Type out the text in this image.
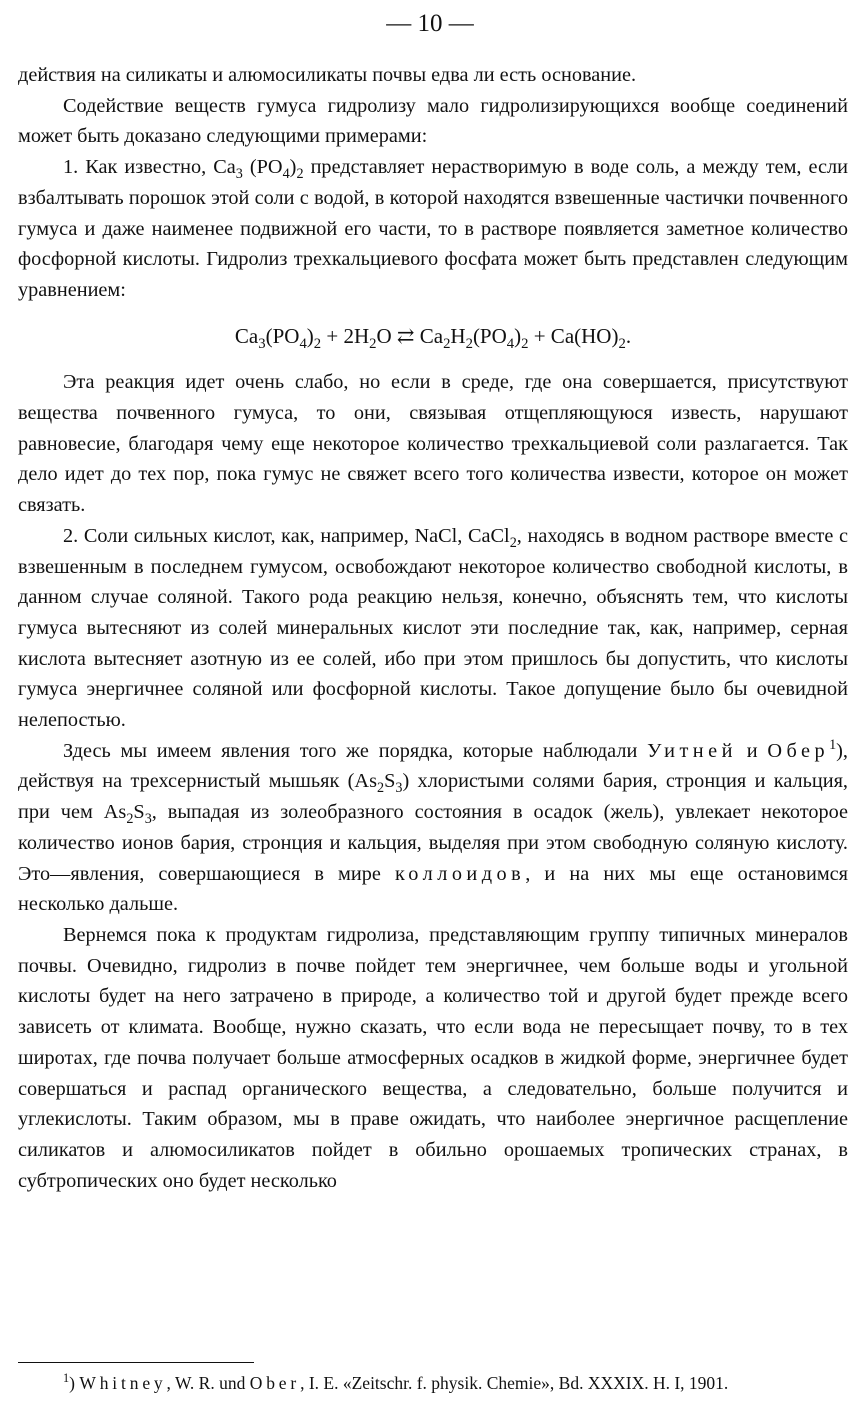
— 10 —

действия на силикаты и алюмосиликаты почвы едва ли есть основание.

Содействие веществ гумуса гидролизу мало гидролизирующихся вообще соединений может быть доказано следующими примерами:

1. Как известно, $Ca_3$ $(PO_4)_2$ представляет нерастворимую в воде соль, а между тем, если взбалтывать порошок этой соли с водой, в которой находятся взвешенные частички почвенного гумуса и даже наименее подвижной его части, то в растворе появляется заметное количество фосфорной кислоты. Гидролиз трехкальциевого фосфата может быть представлен следующим уравнением:

$Ca_3(PO_4)_2 + 2H_2O$ ⇄ $Ca_2H_2(PO_4)_2 + Ca(HO)_2$.

Эта реакция идет очень слабо, но если в среде, где она совершается, присутствуют вещества почвенного гумуса, то они, связывая отщепляющуюся известь, нарушают равновесие, благодаря чему еще некоторое количество трехкальциевой соли разлагается. Так дело идет до тех пор, пока гумус не свяжет всего того количества извести, которое он может связать.

2. Соли сильных кислот, как, например, NaCl, CaCl$_2$, находясь в водном растворе вместе с взвешенным в последнем гумусом, освобождают некоторое количество свободной кислоты, в данном случае соляной. Такого рода реакцию нельзя, конечно, объяснять тем, что кислоты гумуса вытесняют из солей минеральных кислот эти последние так, как, например, серная кислота вытесняет азотную из ее солей, ибо при этом пришлось бы допустить, что кислоты гумуса энергичнее соляной или фосфорной кислоты. Такое допущение было бы очевидной нелепостью.

Здесь мы имеем явления того же порядка, которые наблюдали Уитней и Обер$^1$), действуя на трехсернистый мышьяк $(As_2S_3)$ хлористыми солями бария, стронция и кальция, при чем $As_2S_3$, выпадая из золеобразного состояния в осадок (жель), увлекает некоторое количество ионов бария, стронция и кальция, выделяя при этом свободную соляную кислоту. Это—явления, совершающиеся в мире коллоидов, и на них мы еще остановимся несколько дальше.

Вернемся пока к продуктам гидролиза, представляющим группу типичных минералов почвы. Очевидно, гидролиз в почве пойдет тем энергичнее, чем больше воды и угольной кислоты будет на него затрачено в природе, а количество той и другой будет прежде всего зависеть от климата. Вообще, нужно сказать, что если вода не пересыщает почву, то в тех широтах, где почва получает больше атмосферных осадков в жидкой форме, энергичнее будет совершаться и распад органического вещества, а следовательно, больше получится и углекислоты. Таким образом, мы в праве ожидать, что наиболее энергичное расщепление силикатов и алюмосиликатов пойдет в обильно орошаемых тропических странах, в субтропических оно будет несколько

$^1$) Whitney, W. R. und Ober, I. E. «Zeitschr. f. physik. Chemie», Bd. XXXIX. H. I, 1901.
